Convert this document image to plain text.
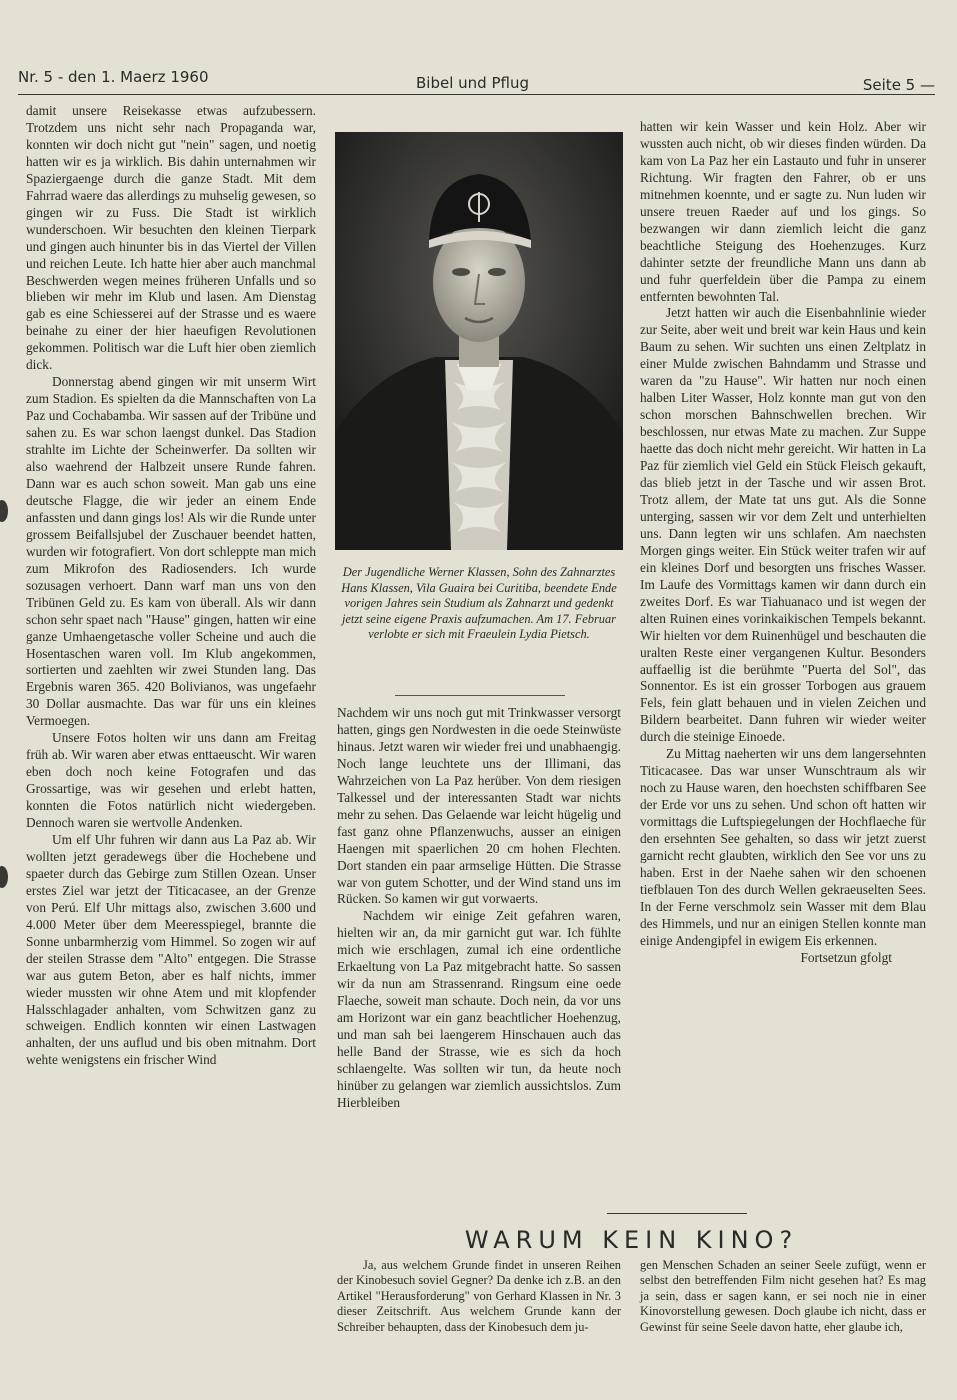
Nr. 5 - den 1. Maerz 1960	Bibel und Pflug	Seite 5 —

damit unsere Reisekasse etwas aufzubessern. Trotzdem uns nicht sehr nach Propaganda war, konnten wir doch nicht gut "nein" sagen, und noetig hatten wir es ja wirklich. Bis dahin unternahmen wir Spaziergaenge durch die ganze Stadt. Mit dem Fahrrad waere das allerdings zu muhselig gewesen, so gingen wir zu Fuss. Die Stadt ist wirklich wunderschoen. Wir besuchten den kleinen Tierpark und gingen auch hinunter bis in das Viertel der Villen und reichen Leute. Ich hatte hier aber auch manchmal Beschwerden wegen meines früheren Unfalls und so blieben wir mehr im Klub und lasen. Am Dienstag gab es eine Schiesserei auf der Strasse und es waere beinahe zu einer der hier haeufigen Revolutionen gekommen. Politisch war die Luft hier oben ziemlich dick.

Donnerstag abend gingen wir mit unserm Wirt zum Stadion. Es spielten da die Mannschaften von La Paz und Cochabamba. Wir sassen auf der Tribüne und sahen zu. Es war schon laengst dunkel. Das Stadion strahlte im Lichte der Scheinwerfer. Da sollten wir also waehrend der Halbzeit unsere Runde fahren. Dann war es auch schon soweit. Man gab uns eine deutsche Flagge, die wir jeder an einem Ende anfassten und dann gings los! Als wir die Runde unter grossem Beifallsjubel der Zuschauer beendet hatten, wurden wir fotografiert. Von dort schleppte man mich zum Mikrofon des Radiosenders. Ich wurde sozusagen verhoert. Dann warf man uns von den Tribünen Geld zu. Es kam von überall. Als wir dann schon sehr spaet nach "Hause" gingen, hatten wir eine ganze Umhaengetasche voller Scheine und auch die Hosentaschen waren voll. Im Klub angekommen, sortierten und zaehlten wir zwei Stunden lang. Das Ergebnis waren 365. 420 Bolivianos, was ungefaehr 30 Dollar ausmachte. Das war für uns ein kleines Vermoegen.

Unsere Fotos holten wir uns dann am Freitag früh ab. Wir waren aber etwas enttaeuscht. Wir waren eben doch noch keine Fotografen und das Grossartige, was wir gesehen und erlebt hatten, konnten die Fotos natürlich nicht wiedergeben. Dennoch waren sie wertvolle Andenken.

Um elf Uhr fuhren wir dann aus La Paz ab. Wir wollten jetzt geradewegs über die Hochebene und spaeter durch das Gebirge zum Stillen Ozean. Unser erstes Ziel war jetzt der Titicacasee, an der Grenze von Perú. Elf Uhr mittags also, zwischen 3.600 und 4.000 Meter über dem Meeresspiegel, brannte die Sonne unbarmherzig vom Himmel. So zogen wir auf der steilen Strasse dem "Alto" entgegen. Die Strasse war aus gutem Beton, aber es half nichts, immer wieder mussten wir ohne Atem und mit klopfender Halsschlagader anhalten, vom Schwitzen ganz zu schweigen. Endlich konnten wir einen Lastwagen anhalten, der uns auflud und bis oben mitnahm. Dort wehte wenigstens ein frischer Wind

Der Jugendliche Werner Klassen, Sohn des Zahnarztes Hans Klassen, Vila Guaira bei Curitiba, beendete Ende vorigen Jahres sein Studium als Zahnarzt und gedenkt jetzt seine eigene Praxis aufzumachen. Am 17. Februar verlobte er sich mit Fraeulein Lydia Pietsch.

Nachdem wir uns noch gut mit Trinkwasser versorgt hatten, gings gen Nordwesten in die oede Steinwüste hinaus. Jetzt waren wir wieder frei und unabhaengig. Noch lange leuchtete uns der Illimani, das Wahrzeichen von La Paz herüber. Von dem riesigen Talkessel und der interessanten Stadt war nichts mehr zu sehen. Das Gelaende war leicht hügelig und fast ganz ohne Pflanzenwuchs, ausser an einigen Haengen mit spaerlichen 20 cm hohen Flechten. Dort standen ein paar armselige Hütten. Die Strasse war von gutem Schotter, und der Wind stand uns im Rücken. So kamen wir gut vorwaerts.

Nachdem wir einige Zeit gefahren waren, hielten wir an, da mir garnicht gut war. Ich fühlte mich wie erschlagen, zumal ich eine ordentliche Erkaeltung von La Paz mitgebracht hatte. So sassen wir da nun am Strassenrand. Ringsum eine oede Flaeche, soweit man schaute. Doch nein, da vor uns am Horizont war ein ganz beachtlicher Hoehenzug, und man sah bei laengerem Hinschauen auch das helle Band der Strasse, wie es sich da hoch schlaengelte. Was sollten wir tun, da heute noch hinüber zu gelangen war ziemlich aussichtslos. Zum Hierbleiben

hatten wir kein Wasser und kein Holz. Aber wir wussten auch nicht, ob wir dieses finden würden. Da kam von La Paz her ein Lastauto und fuhr in unserer Richtung. Wir fragten den Fahrer, ob er uns mitnehmen koennte, und er sagte zu. Nun luden wir unsere treuen Raeder auf und los gings. So bezwangen wir dann ziemlich leicht die ganz beachtliche Steigung des Hoehenzuges. Kurz dahinter setzte der freundliche Mann uns dann ab und fuhr querfeldein über die Pampa zu einem entfernten bewohnten Tal.

Jetzt hatten wir auch die Eisenbahnlinie wieder zur Seite, aber weit und breit war kein Haus und kein Baum zu sehen. Wir suchten uns einen Zeltplatz in einer Mulde zwischen Bahndamm und Strasse und waren da "zu Hause". Wir hatten nur noch einen halben Liter Wasser, Holz konnte man gut von den schon morschen Bahnschwellen brechen. Wir beschlossen, nur etwas Mate zu machen. Zur Suppe haette das doch nicht mehr gereicht. Wir hatten in La Paz für ziemlich viel Geld ein Stück Fleisch gekauft, das blieb jetzt in der Tasche und wir assen Brot. Trotz allem, der Mate tat uns gut. Als die Sonne unterging, sassen wir vor dem Zelt und unterhielten uns. Dann legten wir uns schlafen. Am naechsten Morgen gings weiter. Ein Stück weiter trafen wir auf ein kleines Dorf und besorgten uns frisches Wasser. Im Laufe des Vormittags kamen wir dann durch ein zweites Dorf. Es war Tiahuanaco und ist wegen der alten Ruinen eines vorinkaikischen Tempels bekannt. Wir hielten vor dem Ruinenhügel und beschauten die uralten Reste einer vergangenen Kultur. Besonders auffaellig ist die berühmte "Puerta del Sol", das Sonnentor. Es ist ein grosser Torbogen aus grauem Fels, fein glatt behauen und in vielen Zeichen und Bildern bearbeitet. Dann fuhren wir wieder weiter durch die steinige Einoede.

Zu Mittag naeherten wir uns dem langersehnten Titicacasee. Das war unser Wunschtraum als wir noch zu Hause waren, den hoechsten schiffbaren See der Erde vor uns zu sehen. Und schon oft hatten wir vormittags die Luftspiegelungen der Hochflaeche für den ersehnten See gehalten, so dass wir jetzt zuerst garnicht recht glaubten, wirklich den See vor uns zu haben. Erst in der Naehe sahen wir den schoenen tiefblauen Ton des durch Wellen gekraeuselten Sees. In der Ferne verschmolz sein Wasser mit dem Blau des Himmels, und nur an einigen Stellen konnte man einige Andengipfel in ewigem Eis erkennen.

Fortsetzun gfolgt

WARUM KEIN KINO?

Ja, aus welchem Grunde findet in unseren Reihen der Kinobesuch soviel Gegner? Da denke ich z.B. an den Artikel "Herausforderung" von Gerhard Klassen in Nr. 3 dieser Zeitschrift. Aus welchem Grunde kann der Schreiber behaupten, dass der Kinobesuch dem ju-

gen Menschen Schaden an seiner Seele zufügt, wenn er selbst den betreffenden Film nicht gesehen hat? Es mag ja sein, dass er sagen kann, er sei noch nie in einer Kinovorstellung gewesen. Doch glaube ich nicht, dass er Gewinst für seine Seele davon hatte, eher glaube ich,
